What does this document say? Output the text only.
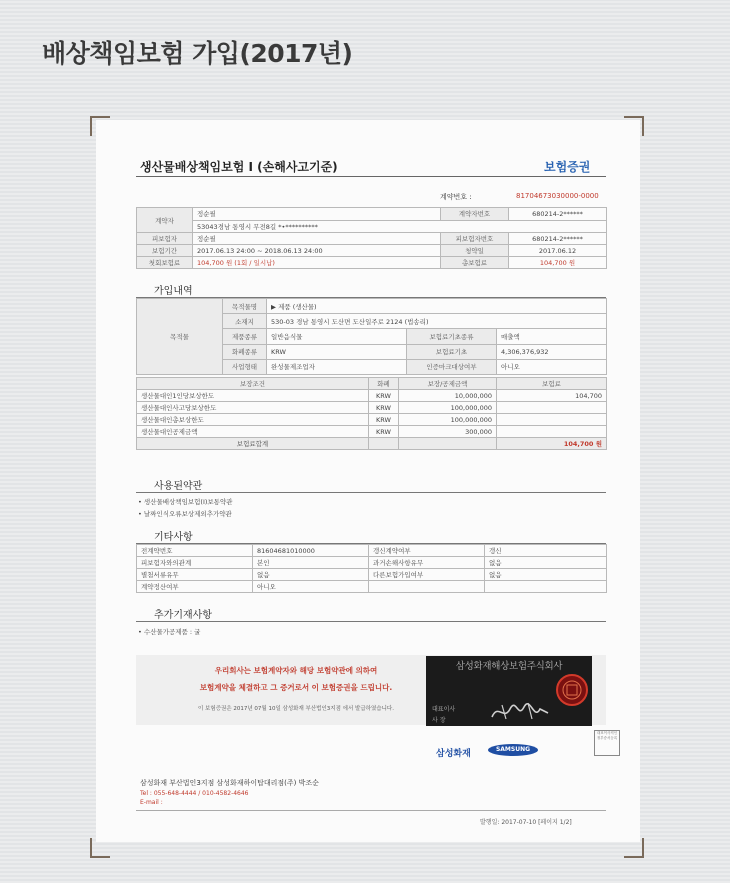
배상책임보험 가입(2017년)
생산물배상책임보험 I (손해사고기준)	보험증권
계약번호 :	81704673030000-0000
계약자	정순필	계약자번호	680214-2******
	53043경남 통영시 무전8길 *•**********		
피보험자	정순필	피보험자번호	680214-2******
보험기간	2017.06.13 24:00 ~ 2018.06.13 24:00	청약일	2017.06.12
첫회보험료	104,700 원 (1회 / 일시납)	총보험료	104,700 원
가입내역
목적물	목적물명	▶ 제품 (생산물)		
	소재지	530-03 경남 통영시 도산면 도산일주로 2124 (법송리)		
	제품종류	일반음식물	보험료기초종류	매출액
	화폐종류	KRW	보험료기초	4,306,376,932
	사업형태	완성물제조업자	인증마크대상여부	아니오
보장조건	화폐	보장/공제금액	보험료
생산물대인1인당보상한도	KRW	10,000,000	104,700
생산물대인사고당보상한도	KRW	100,000,000	
생산물대인총보상한도	KRW	100,000,000	
생산물대인공제금액	KRW	300,000	
보험료합계			104,700 원
사용된약관
• 생산물배상책임보험(I)보통약관
• 날짜인식오류보상제외추가약관
기타사항
전계약번호	81604681010000	갱신계약여부	갱신
피보험자와의관계	본인	과거손해사항유무	없음
별첨서류유무	없음	다른보험가입여부	없음
계약정산여부	아니오		
추가기재사항
• 수산물가공제품 : 굴
우리회사는 보험계약자와 해당 보험약관에 의하여
보험계약을 체결하고 그 증거로서 이 보험증권을 드립니다.
이 보험증권은 2017년 07월 10일 삼성화재 부산법인3지점 에서 발급하였습니다.
삼성화재해상보험주식회사
대표이사
사 장
대표이사직인 정부증서등록
삼성화재	SAMSUNG
삼성화재 부산법인3지점 삼성화재하이탑대리점(주) 박조순
Tel : 055-648-4444 / 010-4582-4646
E-mail :
발행일: 2017-07-10 [페이지 1/2]
